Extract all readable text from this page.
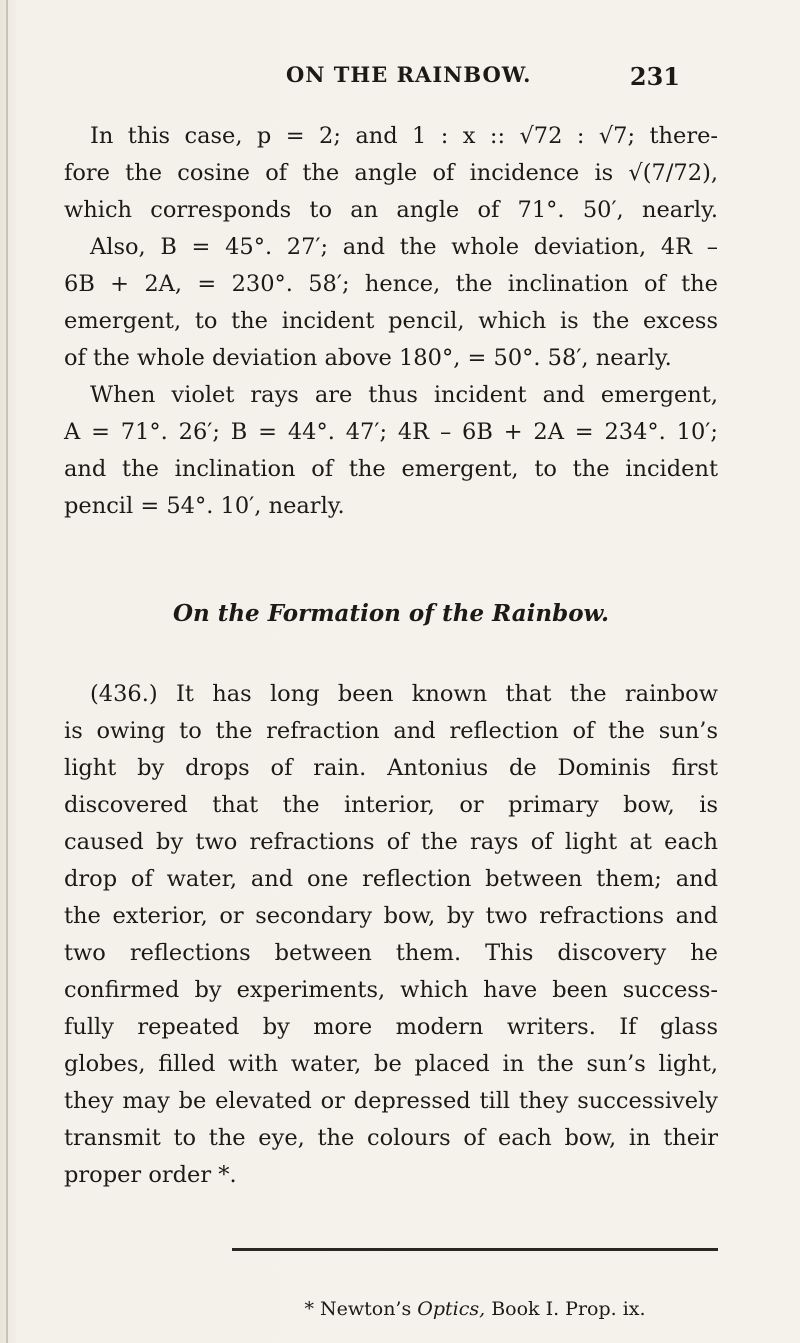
ON THE RAINBOW.	231
In this case, p = 2; and 1 : x :: √72 : √7; there-
fore the cosine of the angle of incidence is √(7/72),
which corresponds to an angle of 71°. 50′, nearly.
Also, B = 45°. 27′; and the whole deviation, 4R –
6B + 2A, = 230°. 58′; hence, the inclination of the
emergent, to the incident pencil, which is the excess
of the whole deviation above 180°, = 50°. 58′, nearly.
When violet rays are thus incident and emergent,
A = 71°. 26′; B = 44°. 47′; 4R – 6B + 2A = 234°. 10′;
and the inclination of the emergent, to the incident
pencil = 54°. 10′, nearly.
On the Formation of the Rainbow.
(436.) It has long been known that the rainbow
is owing to the refraction and reflection of the sun’s
light by drops of rain. Antonius de Dominis first
discovered that the interior, or primary bow, is
caused by two refractions of the rays of light at each
drop of water, and one reflection between them; and
the exterior, or secondary bow, by two refractions and
two reflections between them. This discovery he
confirmed by experiments, which have been success-
fully repeated by more modern writers. If glass
globes, filled with water, be placed in the sun’s light,
they may be elevated or depressed till they successively
transmit to the eye, the colours of each bow, in their
proper order *.
* Newton’s Optics, Book I. Prop. ix.
